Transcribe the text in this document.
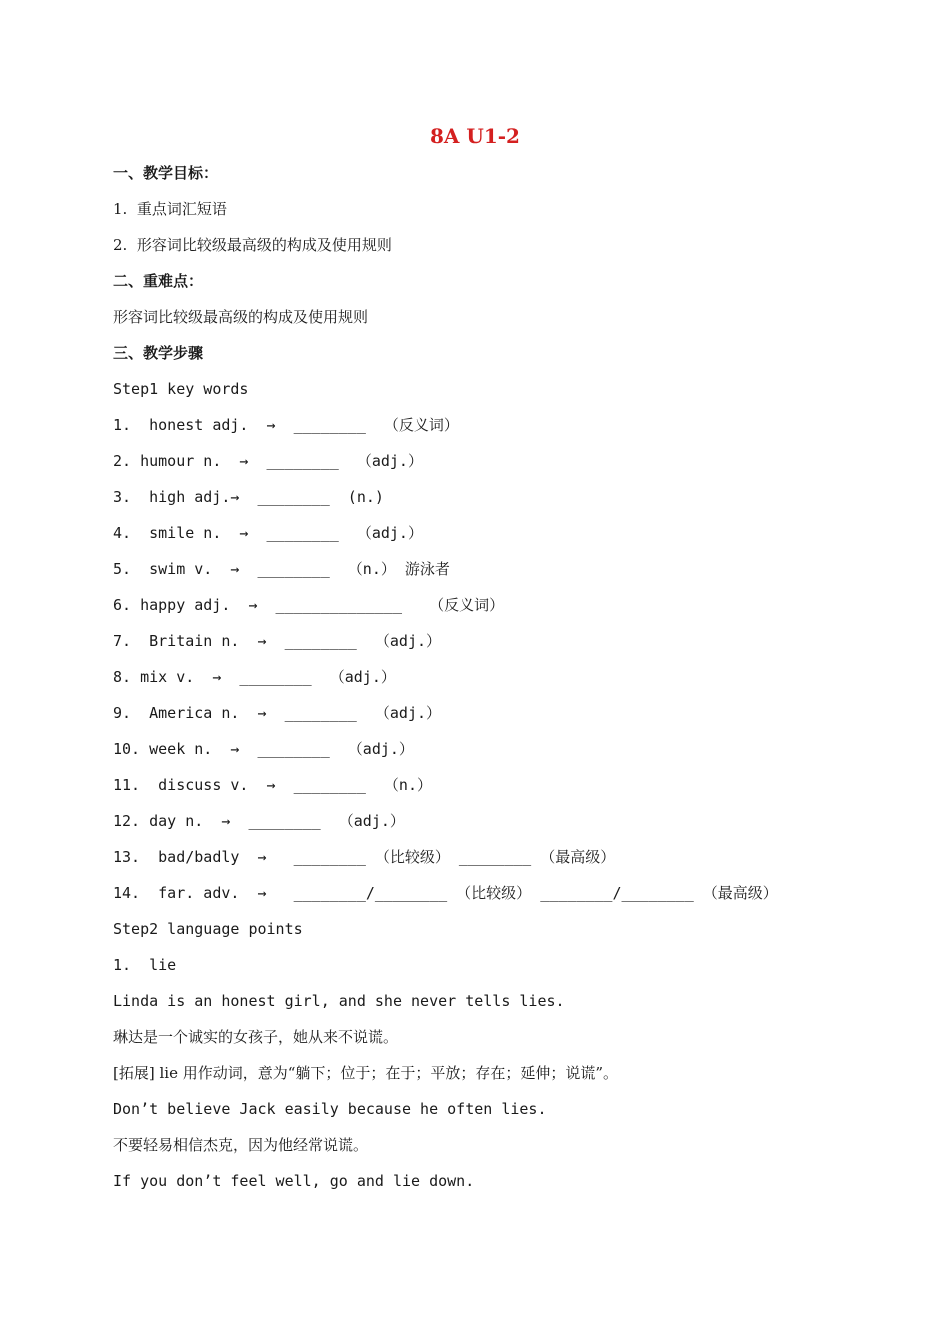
8A U1-2
一、教学目标：
1.  重点词汇短语
2.  形容词比较级最高级的构成及使用规则
二、重难点：
形容词比较级最高级的构成及使用规则
三、教学步骤
Step1 key words
1.  honest adj.  →  ________  （反义词）
2. humour n.  →  ________  （adj.）
3.  high adj.→  ________  (n.)
4.  smile n.  →  ________  （adj.）
5.  swim v.  →  ________  （n.） 游泳者
6. happy adj.  →  ______________   （反义词）
7.  Britain n.  →  ________  （adj.）
8. mix v.  →  ________  （adj.）
9.  America n.  →  ________  （adj.）
10. week n.  →  ________  （adj.）
11.  discuss v.  →  ________  （n.）
12. day n.  →  ________  （adj.）
13.  bad/badly  →   ________ （比较级） ________ （最高级）
14.  far. adv.  →   ________/________ （比较级） ________/________ （最高级）
Step2 language points
1.  lie
Linda is an honest girl, and she never tells lies.
琳达是一个诚实的女孩子，她从来不说谎。
[拓展] lie 用作动词，意为“躺下；位于；在于；平放；存在；延伸；说谎”。
Don’t believe Jack easily because he often lies.
不要轻易相信杰克，因为他经常说谎。
If you don’t feel well, go and lie down.
